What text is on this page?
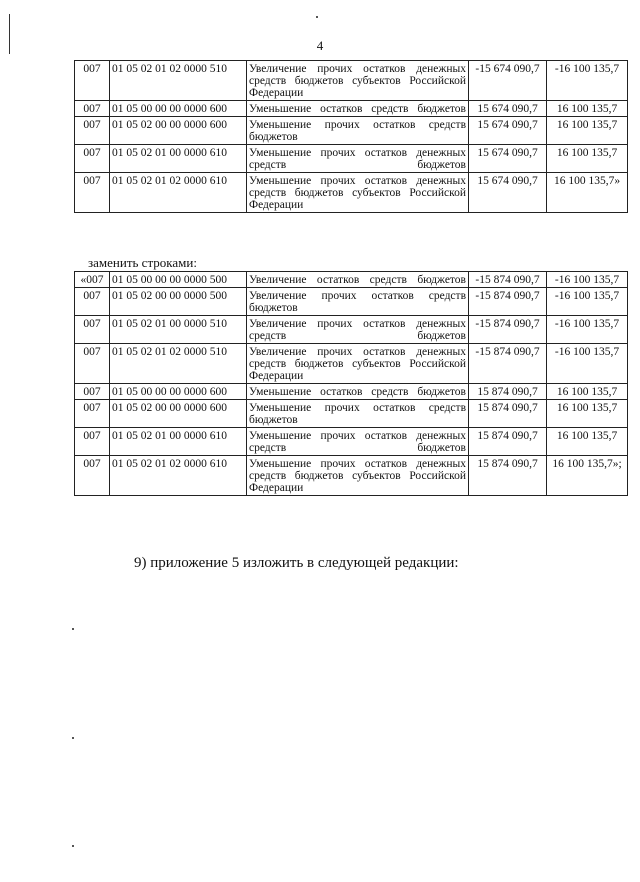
4
007	01 05 02 01 02 0000 510	Увеличение прочих остатков денежных средств бюджетов субъектов Российской Федерации	-15 674 090,7	-16 100 135,7
007	01 05 00 00 00 0000 600	Уменьшение остатков средств бюджетов	15 674 090,7	16 100 135,7
007	01 05 02 00 00 0000 600	Уменьшение прочих остатков средств бюджетов	15 674 090,7	16 100 135,7
007	01 05 02 01 00 0000 610	Уменьшение прочих остатков денежных средств бюджетов	15 674 090,7	16 100 135,7
007	01 05 02 01 02 0000 610	Уменьшение прочих остатков денежных средств бюджетов субъектов Российской Федерации	15 674 090,7	16 100 135,7»
заменить строками:
«007	01 05 00 00 00 0000 500	Увеличение остатков средств бюджетов	-15 874 090,7	-16 100 135,7
007	01 05 02 00 00 0000 500	Увеличение прочих остатков средств бюджетов	-15 874 090,7	-16 100 135,7
007	01 05 02 01 00 0000 510	Увеличение прочих остатков денежных средств бюджетов	-15 874 090,7	-16 100 135,7
007	01 05 02 01 02 0000 510	Увеличение прочих остатков денежных средств бюджетов субъектов Российской Федерации	-15 874 090,7	-16 100 135,7
007	01 05 00 00 00 0000 600	Уменьшение остатков средств бюджетов	15 874 090,7	16 100 135,7
007	01 05 02 00 00 0000 600	Уменьшение прочих остатков средств бюджетов	15 874 090,7	16 100 135,7
007	01 05 02 01 00 0000 610	Уменьшение прочих остатков денежных средств бюджетов	15 874 090,7	16 100 135,7
007	01 05 02 01 02 0000 610	Уменьшение прочих остатков денежных средств бюджетов субъектов Российской Федерации	15 874 090,7	16 100 135,7»;
9) приложение 5 изложить в следующей редакции:
